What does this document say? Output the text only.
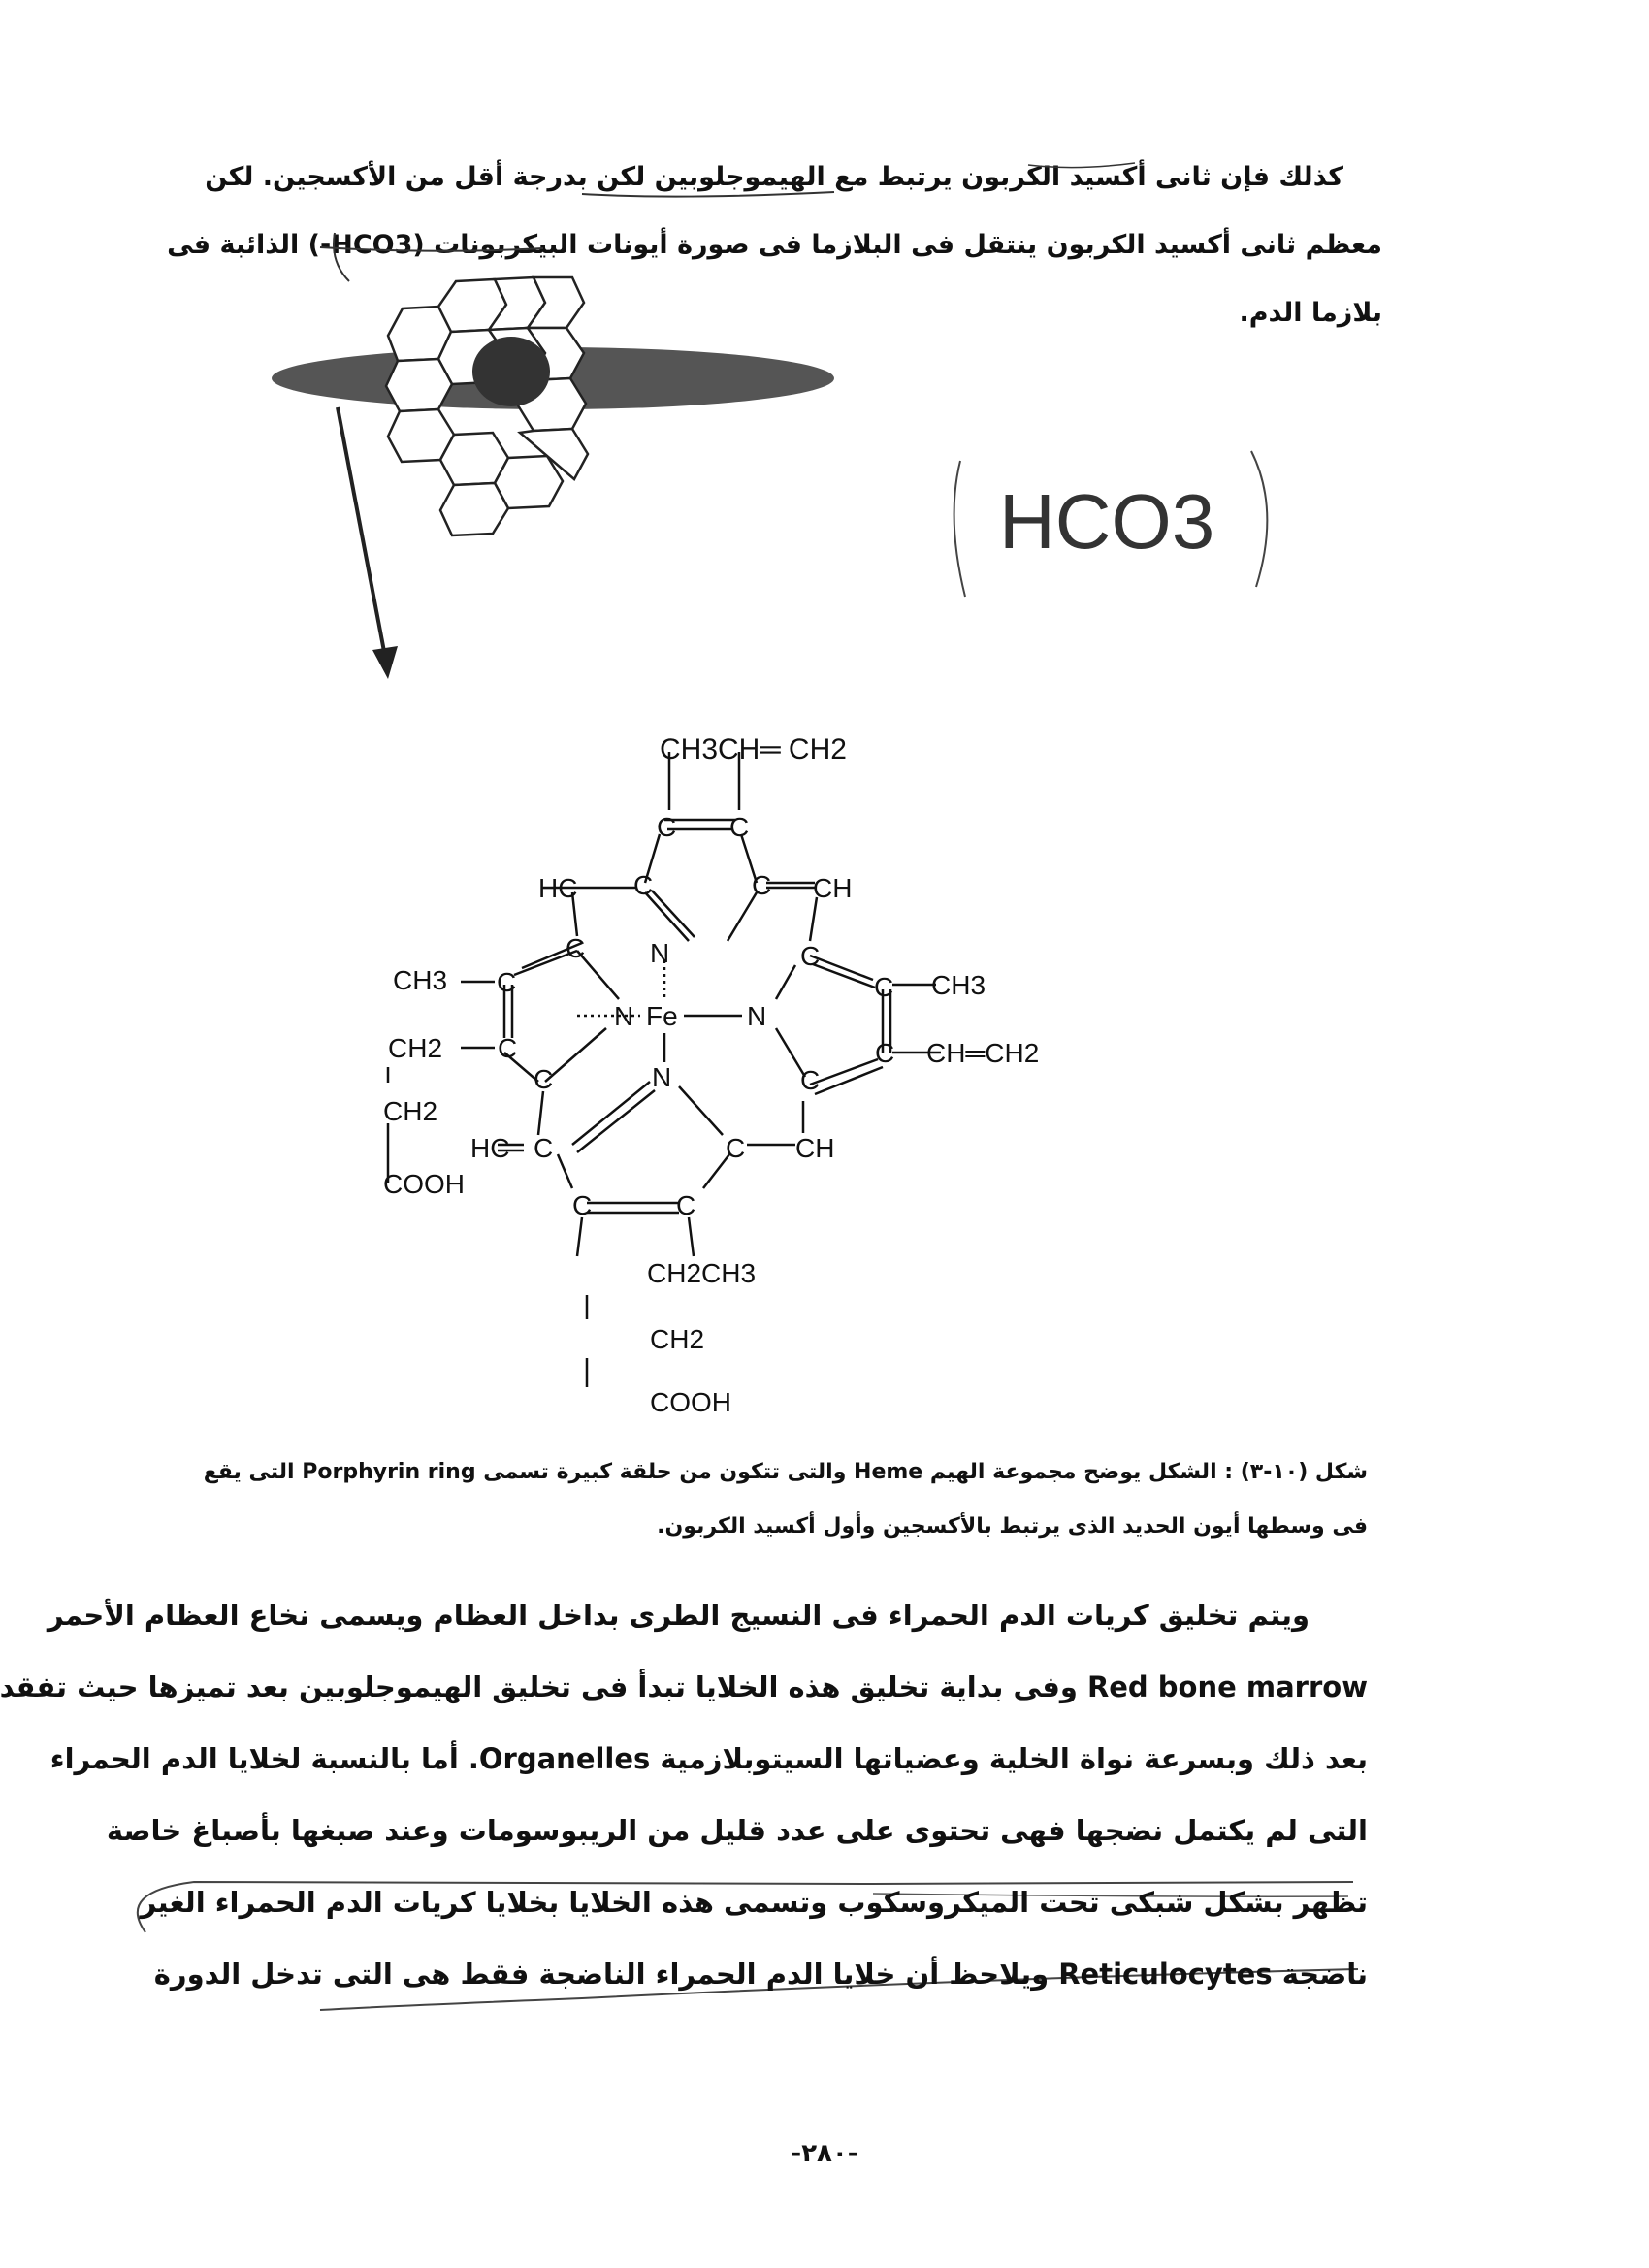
كذلك فإن ثانى أكسيد الكربون يرتبط مع الهيموجلوبين لكن بدرجة أقل من الأكسجين. لكن
معظم ثانى أكسيد الكربون ينتقل فى البلازما فى صورة أيونات البيكربونات (HCO3-) الذائبة فى
بلازما الدم.
HCO3
CH3CH═ CH2
HC	CH
N
CH3	CH3
N Fe	N
CH2	CH═CH2
N
CH2
HC	CH
COOH
CH2CH3
CH2
COOH
C C
C	C
C	C
C	C
C	C
C	C
C	C
C	C
شكل (١٠-٣) : الشكل يوضح مجموعة الهيم Heme والتى تتكون من حلقة كبيرة تسمى Porphyrin ring التى يقع
فى وسطها أيون الحديد الذى يرتبط بالأكسجين وأول أكسيد الكربون.
ويتم تخليق كريات الدم الحمراء فى النسيج الطرى بداخل العظام ويسمى نخاع العظام الأحمر
Red bone marrow وفى بداية تخليق هذه الخلايا تبدأ فى تخليق الهيموجلوبين بعد تميزها حيث تفقد
بعد ذلك وبسرعة نواة الخلية وعضياتها السيتوبلازمية Organelles. أما بالنسبة لخلايا الدم الحمراء
التى لم يكتمل نضجها فهى تحتوى على عدد قليل من الريبوسومات وعند صبغها بأصباغ خاصة
تظهر بشكل شبكى تحت الميكروسكوب وتسمى هذه الخلايا بخلايا كريات الدم الحمراء الغير
ناضجة Reticulocytes ويلاحظ أن خلايا الدم الحمراء الناضجة فقط هى التى تدخل الدورة
-٢٨٠-
